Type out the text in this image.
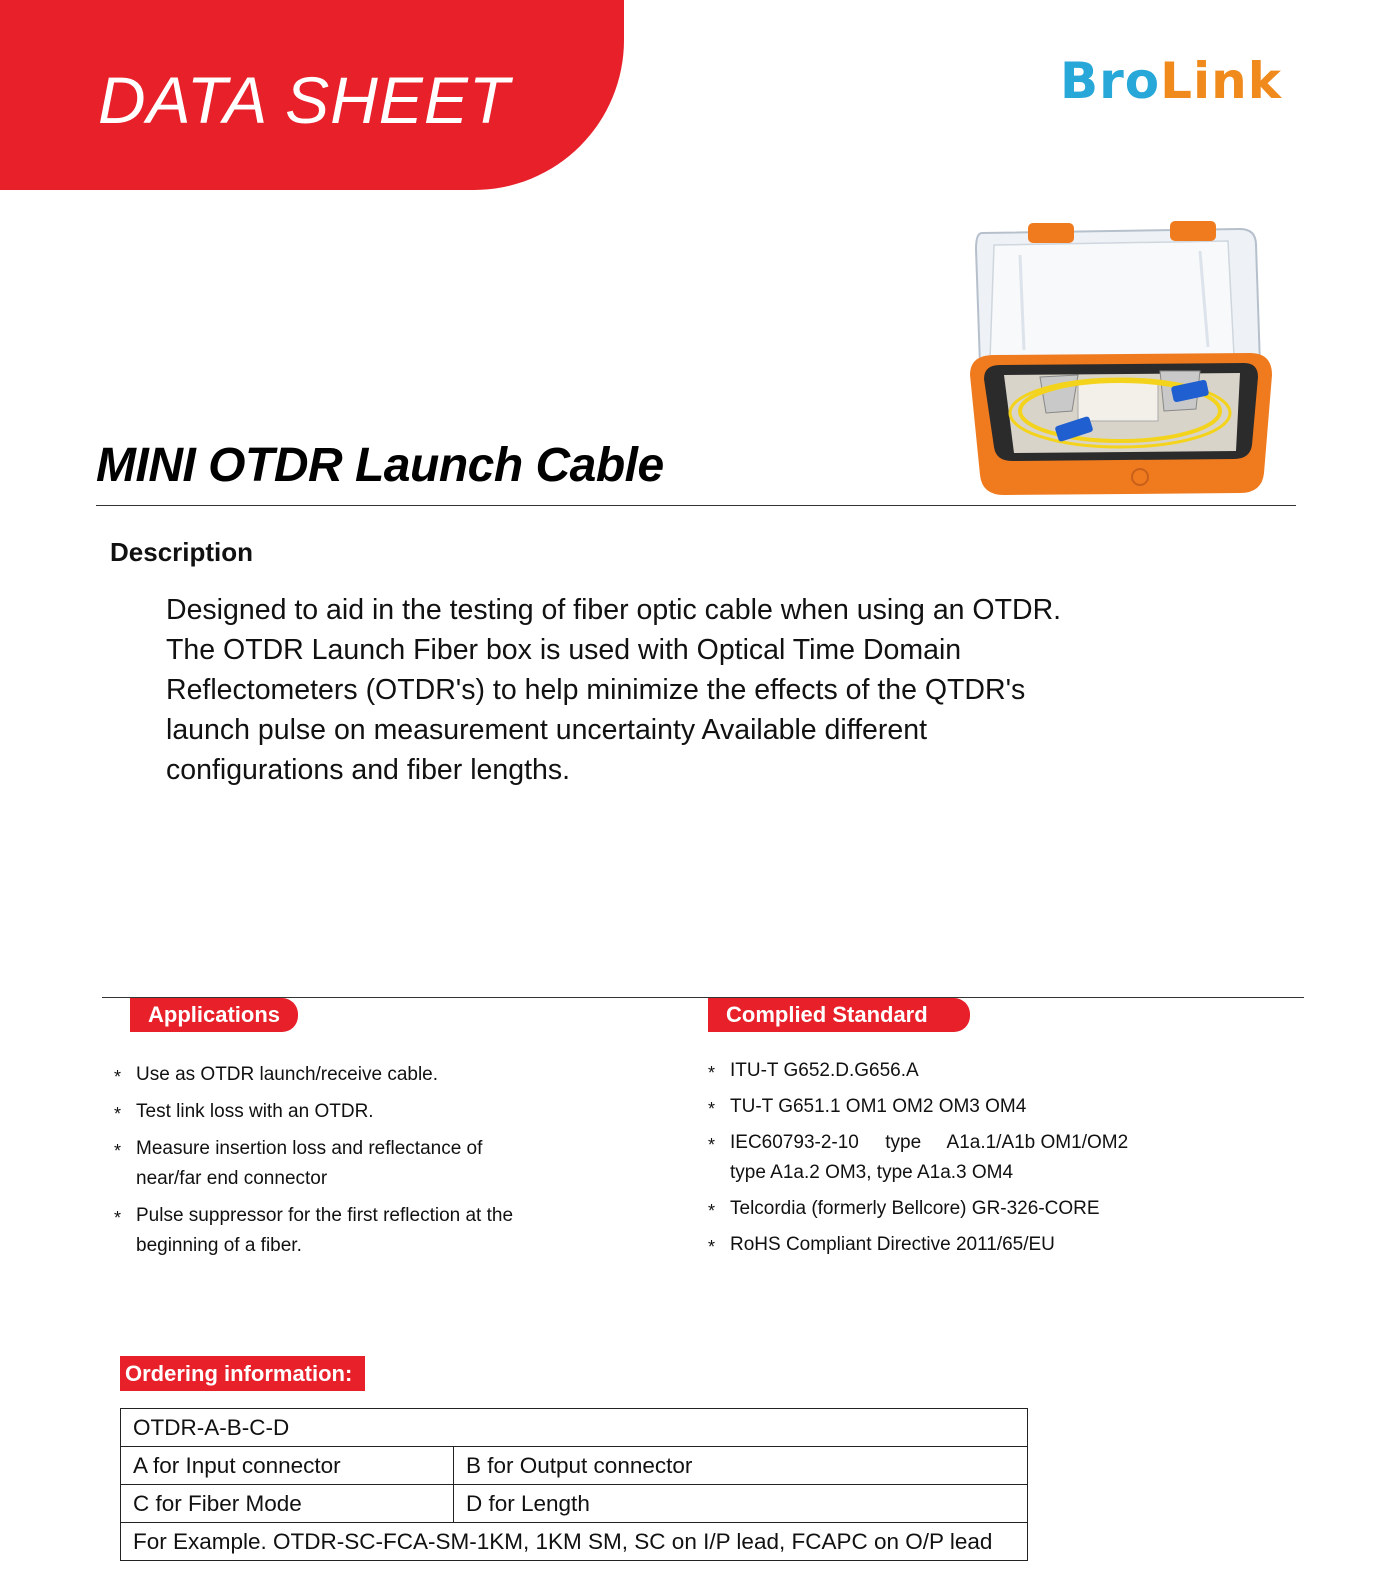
DATA SHEET	BroLink
MINI OTDR Launch Cable
Description
Designed to aid in the testing of fiber optic cable when using an OTDR.
The OTDR Launch Fiber box is used with Optical Time Domain
Reflectometers (OTDR's) to help minimize the effects of the QTDR's
launch pulse on measurement uncertainty Available different
configurations and fiber lengths.
Applications	Complied Standard
* Use as OTDR launch/receive cable.
* Test link loss with an OTDR.
* Measure insertion loss and reflectance of near/far end connector
* Pulse suppressor for the first reflection at the beginning of a fiber.
* ITU-T G652.D.G656.A
* TU-T G651.1 OM1 OM2 OM3 OM4
* IEC60793-2-10     type     A1a.1/A1b OM1/OM2 type A1a.2 OM3, type A1a.3 OM4
* Telcordia (formerly Bellcore) GR-326-CORE
* RoHS Compliant Directive 2011/65/EU
Ordering information:
OTDR-A-B-C-D	
A for Input connector	B for Output connector
C for Fiber Mode	D for Length
For Example. OTDR-SC-FCA-SM-1KM, 1KM SM, SC on I/P lead, FCAPC on O/P lead	
